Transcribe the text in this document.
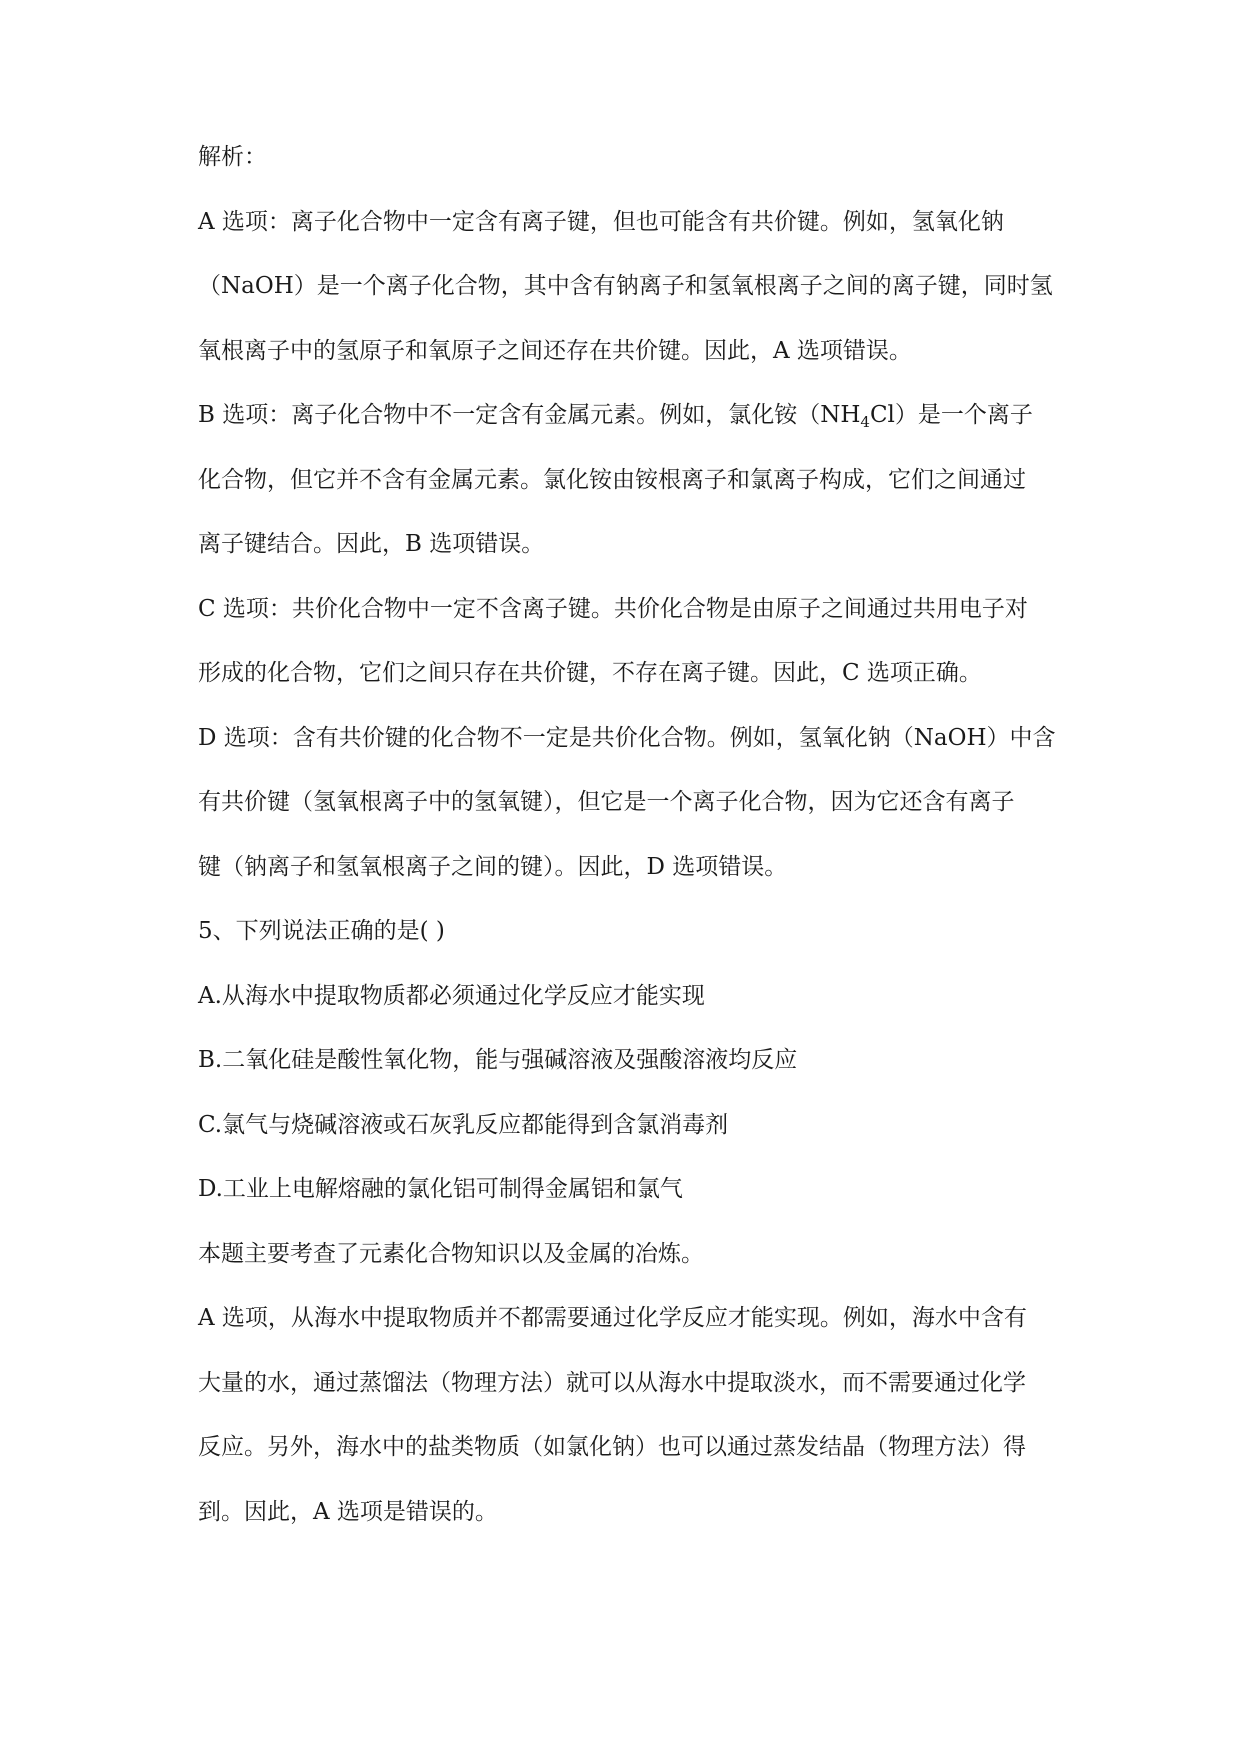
解析：
A 选项：离子化合物中一定含有离子键，但也可能含有共价键。例如，氢氧化钠
（NaOH）是一个离子化合物，其中含有钠离子和氢氧根离子之间的离子键，同时氢
氧根离子中的氢原子和氧原子之间还存在共价键。因此，A 选项错误。
B 选项：离子化合物中不一定含有金属元素。例如，氯化铵$(NH_4Cl)$是一个离子
化合物，但它并不含有金属元素。氯化铵由铵根离子和氯离子构成，它们之间通过
离子键结合。因此，B 选项错误。
C 选项：共价化合物中一定不含离子键。共价化合物是由原子之间通过共用电子对
形成的化合物，它们之间只存在共价键，不存在离子键。因此，C 选项正确。
D 选项：含有共价键的化合物不一定是共价化合物。例如，氢氧化钠（NaOH）中含
有共价键（氢氧根离子中的氢氧键），但它是一个离子化合物，因为它还含有离子
键（钠离子和氢氧根离子之间的键）。因此，D 选项错误。
5、下列说法正确的是( )
A.从海水中提取物质都必须通过化学反应才能实现
B.二氧化硅是酸性氧化物，能与强碱溶液及强酸溶液均反应
C.氯气与烧碱溶液或石灰乳反应都能得到含氯消毒剂
D.工业上电解熔融的氯化铝可制得金属铝和氯气
本题主要考查了元素化合物知识以及金属的冶炼。
A 选项，从海水中提取物质并不都需要通过化学反应才能实现。例如，海水中含有
大量的水，通过蒸馏法（物理方法）就可以从海水中提取淡水，而不需要通过化学
反应。另外，海水中的盐类物质（如氯化钠）也可以通过蒸发结晶（物理方法）得
到。因此，A 选项是错误的。
